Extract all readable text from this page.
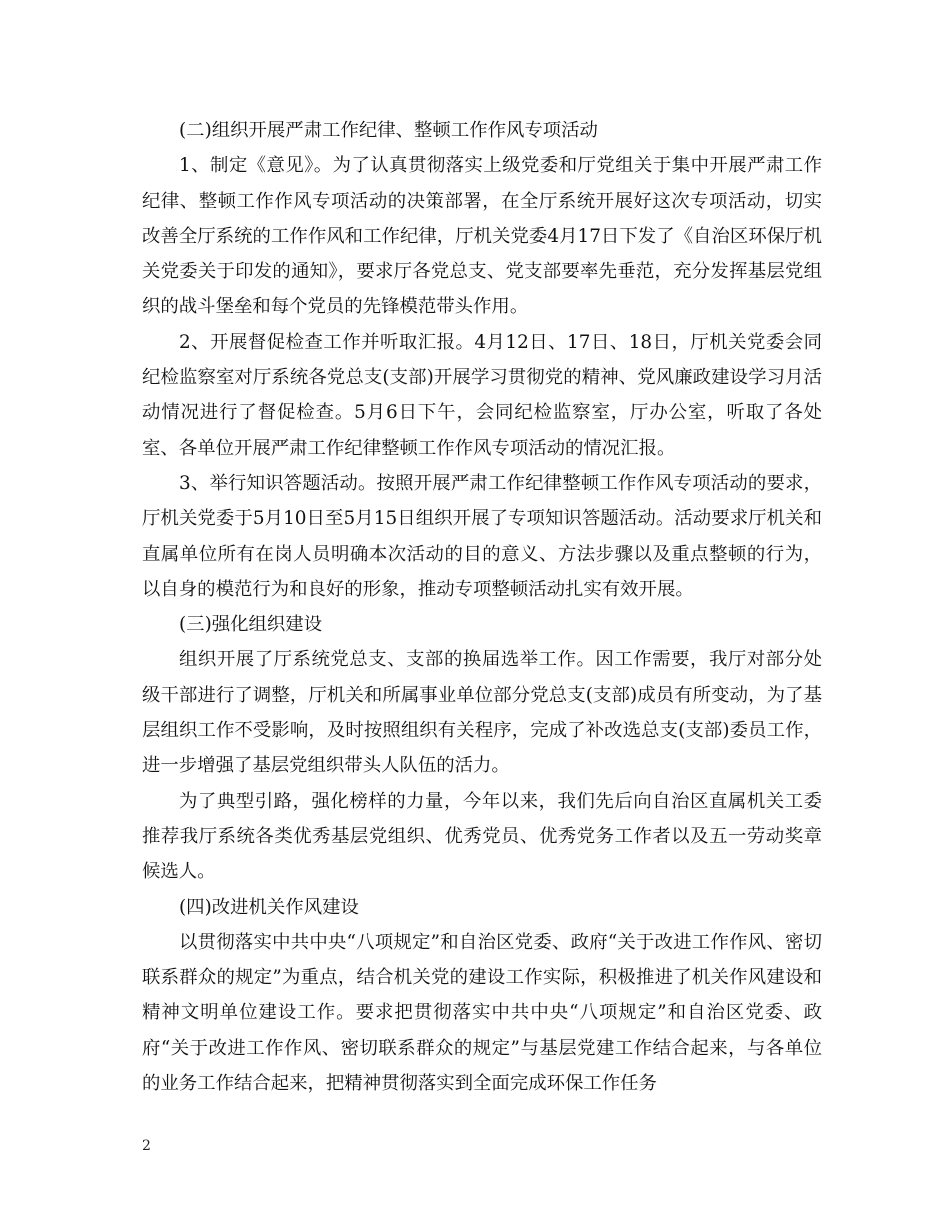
(二)组织开展严肃工作纪律、整顿工作作风专项活动

1、制定《意见》。为了认真贯彻落实上级党委和厅党组关于集中开展严肃工作纪律、整顿工作作风专项活动的决策部署，在全厅系统开展好这次专项活动，切实改善全厅系统的工作作风和工作纪律，厅机关党委4月17日下发了《自治区环保厅机关党委关于印发的通知》，要求厅各党总支、党支部要率先垂范，充分发挥基层党组织的战斗堡垒和每个党员的先锋模范带头作用。

2、开展督促检查工作并听取汇报。4月12日、17日、18日，厅机关党委会同纪检监察室对厅系统各党总支(支部)开展学习贯彻党的精神、党风廉政建设学习月活动情况进行了督促检查。5月6日下午，会同纪检监察室，厅办公室，听取了各处室、各单位开展严肃工作纪律整顿工作作风专项活动的情况汇报。

3、举行知识答题活动。按照开展严肃工作纪律整顿工作作风专项活动的要求，厅机关党委于5月10日至5月15日组织开展了专项知识答题活动。活动要求厅机关和直属单位所有在岗人员明确本次活动的目的意义、方法步骤以及重点整顿的行为，以自身的模范行为和良好的形象，推动专项整顿活动扎实有效开展。

(三)强化组织建设

组织开展了厅系统党总支、支部的换届选举工作。因工作需要，我厅对部分处级干部进行了调整，厅机关和所属事业单位部分党总支(支部)成员有所变动，为了基层组织工作不受影响，及时按照组织有关程序，完成了补改选总支(支部)委员工作，进一步增强了基层党组织带头人队伍的活力。

为了典型引路，强化榜样的力量，今年以来，我们先后向自治区直属机关工委推荐我厅系统各类优秀基层党组织、优秀党员、优秀党务工作者以及五一劳动奖章候选人。

(四)改进机关作风建设

以贯彻落实中共中央“八项规定”和自治区党委、政府“关于改进工作作风、密切联系群众的规定”为重点，结合机关党的建设工作实际，积极推进了机关作风建设和精神文明单位建设工作。要求把贯彻落实中共中央“八项规定”和自治区党委、政府“关于改进工作作风、密切联系群众的规定”与基层党建工作结合起来，与各单位的业务工作结合起来，把精神贯彻落实到全面完成环保工作任务

2
